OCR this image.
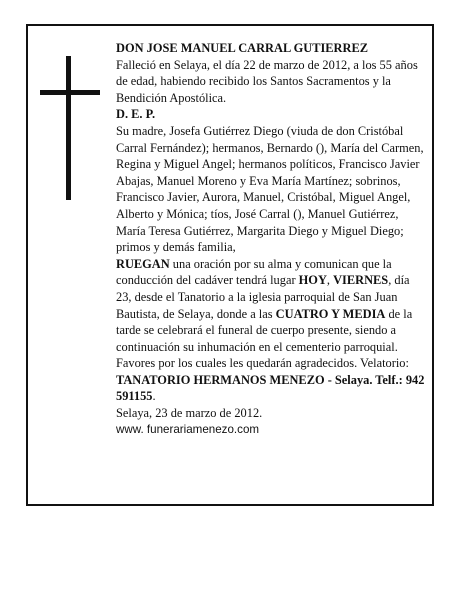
DON JOSE MANUEL CARRAL GUTIERREZ

Falleció en Selaya, el día 22 de marzo de 2012, a los 55 años de edad, habiendo recibido los Santos Sacramentos y la Bendición Apostólica.

D. E. P.

Su madre, Josefa Gutiérrez Diego (viuda de don Cristóbal Carral Fernández); hermanos, Bernardo (), María del Carmen, Regina y Miguel Angel; hermanos políticos, Francisco Javier Abajas, Manuel Moreno y Eva María Martínez; sobrinos, Francisco Javier, Aurora, Manuel, Cristóbal, Miguel Angel, Alberto y Mónica; tíos, José Carral (), Manuel Gutiérrez, María Teresa Gutiérrez, Margarita Diego y Miguel Diego; primos y demás familia,

RUEGAN una oración por su alma y comunican que la conducción del cadáver tendrá lugar HOY, VIERNES, día 23, desde el Tanatorio a la iglesia parroquial de San Juan Bautista, de Selaya, donde a las CUATRO Y MEDIA de la tarde se celebrará el funeral de cuerpo presente, siendo a continuación su inhumación en el cementerio parroquial. Favores por los cuales les quedarán agradecidos. Velatorio: TANATORIO HERMANOS MENEZO - Selaya. Telf.: 942 591155.

Selaya, 23 de marzo de 2012.

www. funerariamenezo.com
